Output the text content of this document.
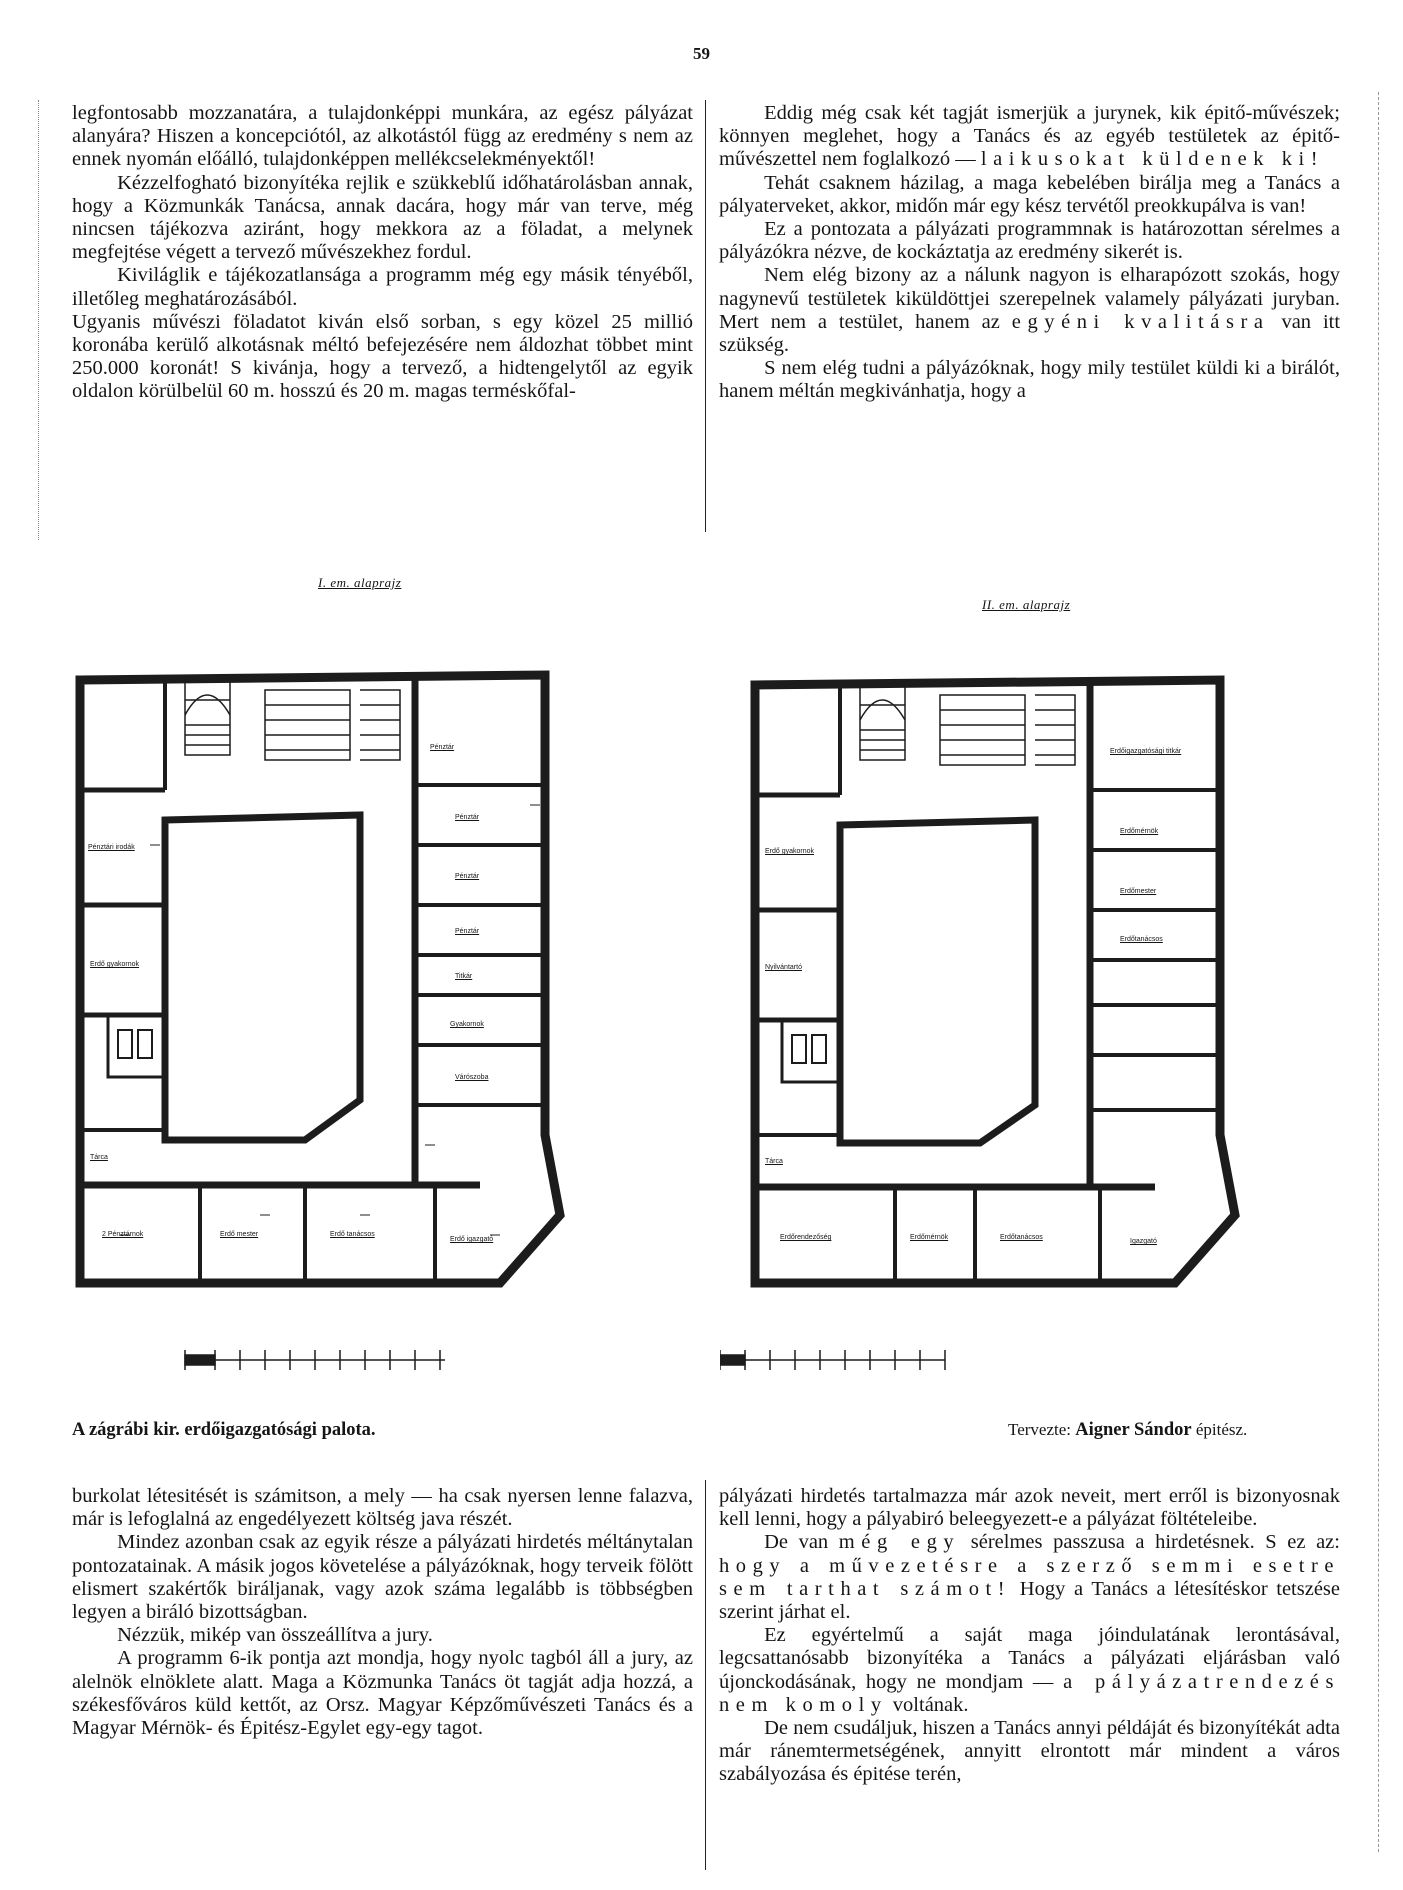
59

legfontosabb mozzanatára, a tulajdonképpi munkára, az egész pályázat alanyára? Hiszen a koncepciótól, az alkotástól függ az eredmény s nem az ennek nyomán előálló, tulajdonképpen mellékcselekményektől!

Kézzelfogható bizonyítéka rejlik e szükkeblű időhatárolásban annak, hogy a Közmunkák Tanácsa, annak dacára, hogy már van terve, még nincsen tájékozva aziránt, hogy mekkora az a föladat, a melynek megfejtése végett a tervező művészekhez fordul.

Kiviláglik e tájékozatlansága a programm még egy másik tényéből, illetőleg meghatározásából.

Ugyanis művészi föladatot kiván első sorban, s egy közel 25 millió koronába kerülő alkotásnak méltó befejezésére nem áldozhat többet mint 250.000 koronát! S kivánja, hogy a tervező, a hidtengelytől az egyik oldalon körülbelül 60 m. hosszú és 20 m. magas terméskőfal-

Eddig még csak két tagját ismerjük a jurynek, kik épitő-művészek; könnyen meglehet, hogy a Tanács és az egyéb testületek az épitő-művészettel nem foglalkozó — laikusokat küldenek ki!

Tehát csaknem házilag, a maga kebelében birálja meg a Tanács a pályaterveket, akkor, midőn már egy kész tervétől preokkupálva is van!

Ez a pontozata a pályázati programmnak is határozottan sérelmes a pályázókra nézve, de kockáztatja az eredmény sikerét is.

Nem elég bizony az a nálunk nagyon is elharapózott szokás, hogy nagynevű testületek kiküldöttjei szerepelnek valamely pályázati juryban. Mert nem a testület, hanem az egyéni kvalitásra van itt szükség.

S nem elég tudni a pályázóknak, hogy mily testület küldi ki a birálót, hanem méltán megkivánhatja, hogy a

I. em. alaprajz
Pénztár
Pénztár
Pénztár
Pénztár
Titkár
Gyakornok
Várószoba
Pénztári irodák
Erdő gyakornok
Tárca
2 Pénztárnok	Erdő mester	Erdő tanácsos
Erdő igazgató
II. em. alaprajz
Erdőigazgatósági titkár
Erdő gyakornok
Nyilvántartó
Erdőmérnök
Erdőmester
Erdőtanácsos
Tárca
Erdőrendezőség	Erdőmérnök	Erdőtanácsos
Igazgató
A zágrábi kir. erdőigazgatósági palota.	Tervezte: Aigner Sándor épitész.

burkolat létesitését is számitson, a mely — ha csak nyersen lenne falazva, már is lefoglalná az engedélyezett költség java részét.

Mindez azonban csak az egyik része a pályázati hirdetés méltánytalan pontozatainak. A másik jogos követelése a pályázóknak, hogy terveik fölött elismert szakértők biráljanak, vagy azok száma legalább is többségben legyen a biráló bizottságban.

Nézzük, mikép van összeállítva a jury.

A programm 6-ik pontja azt mondja, hogy nyolc tagból áll a jury, az alelnök elnöklete alatt. Maga a Közmunka Tanács öt tagját adja hozzá, a székesfőváros küld kettőt, az Orsz. Magyar Képzőművészeti Tanács és a Magyar Mérnök- és Épitész-Egylet egy-egy tagot.

pályázati hirdetés tartalmazza már azok neveit, mert erről is bizonyosnak kell lenni, hogy a pályabiró beleegyezett-e a pályázat föltételeibe.

De van még egy sérelmes passzusa a hirdetésnek. S ez az: hogy a művezetésre a szerző semmi esetre sem tarthat számot! Hogy a Tanács a létesítéskor tetszése szerint járhat el.

Ez egyértelmű a saját maga jóindulatának lerontásával, legcsattanósabb bizonyítéka a Tanács a pályázati eljárásban való újonckodásának, hogy ne mondjam — a pályázatrendezés nem komoly voltának.

De nem csudáljuk, hiszen a Tanács annyi példáját és bizonyítékát adta már ránemtermetségének, annyitt elrontott már mindent a város szabályozása és épitése terén,
